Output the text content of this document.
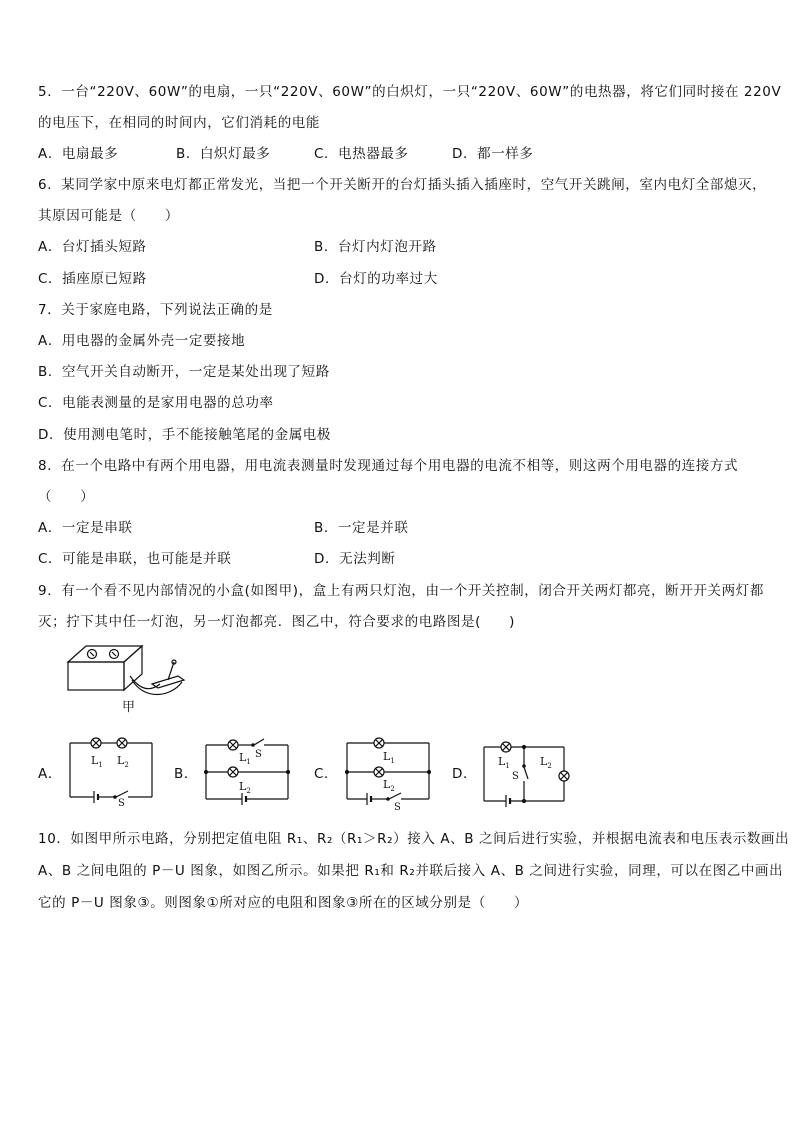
5．一台“220V、60W”的电扇，一只“220V、60W”的白炽灯，一只“220V、60W”的电热器，将它们同时接在 220V
的电压下，在相同的时间内，它们消耗的电能
A．电扇最多	B．白炽灯最多	C．电热器最多	D．都一样多
6．某同学家中原来电灯都正常发光，当把一个开关断开的台灯插头插入插座时，空气开关跳闸，室内电灯全部熄灭，
其原因可能是（　　）
A．台灯插头短路	B．台灯内灯泡开路
C．插座原已短路	D．台灯的功率过大
7．关于家庭电路，下列说法正确的是
A．用电器的金属外壳一定要接地
B．空气开关自动断开，一定是某处出现了短路
C．电能表测量的是家用电器的总功率
D．使用测电笔时，手不能接触笔尾的金属电极
8．在一个电路中有两个用电器，用电流表测量时发现通过每个用电器的电流不相等，则这两个用电器的连接方式
（　　）
A．一定是串联	B．一定是并联
C．可能是串联，也可能是并联	D．无法判断
9．有一个看不见内部情况的小盒(如图甲)，盒上有两只灯泡，由一个开关控制，闭合开关两灯都亮，断开开关两灯都
灭；拧下其中任一灯泡，另一灯泡都亮．图乙中，符合要求的电路图是(　　)
甲
A．	B．	C．	D．
$L_1$ $L_2$
S
$L_1$
S
$L_2$
$L_1$
$L_2$
S
$L_1$
S
$L_2$
10．如图甲所示电路，分别把定值电阻 R₁、R₂（R₁＞R₂）接入 A、B 之间后进行实验，并根据电流表和电压表示数画出
A、B 之间电阻的 P－U 图象，如图乙所示。如果把 R₁和 R₂并联后接入 A、B 之间进行实验，同理，可以在图乙中画出
它的 P－U 图象③。则图象①所对应的电阻和图象③所在的区域分别是（　　）
